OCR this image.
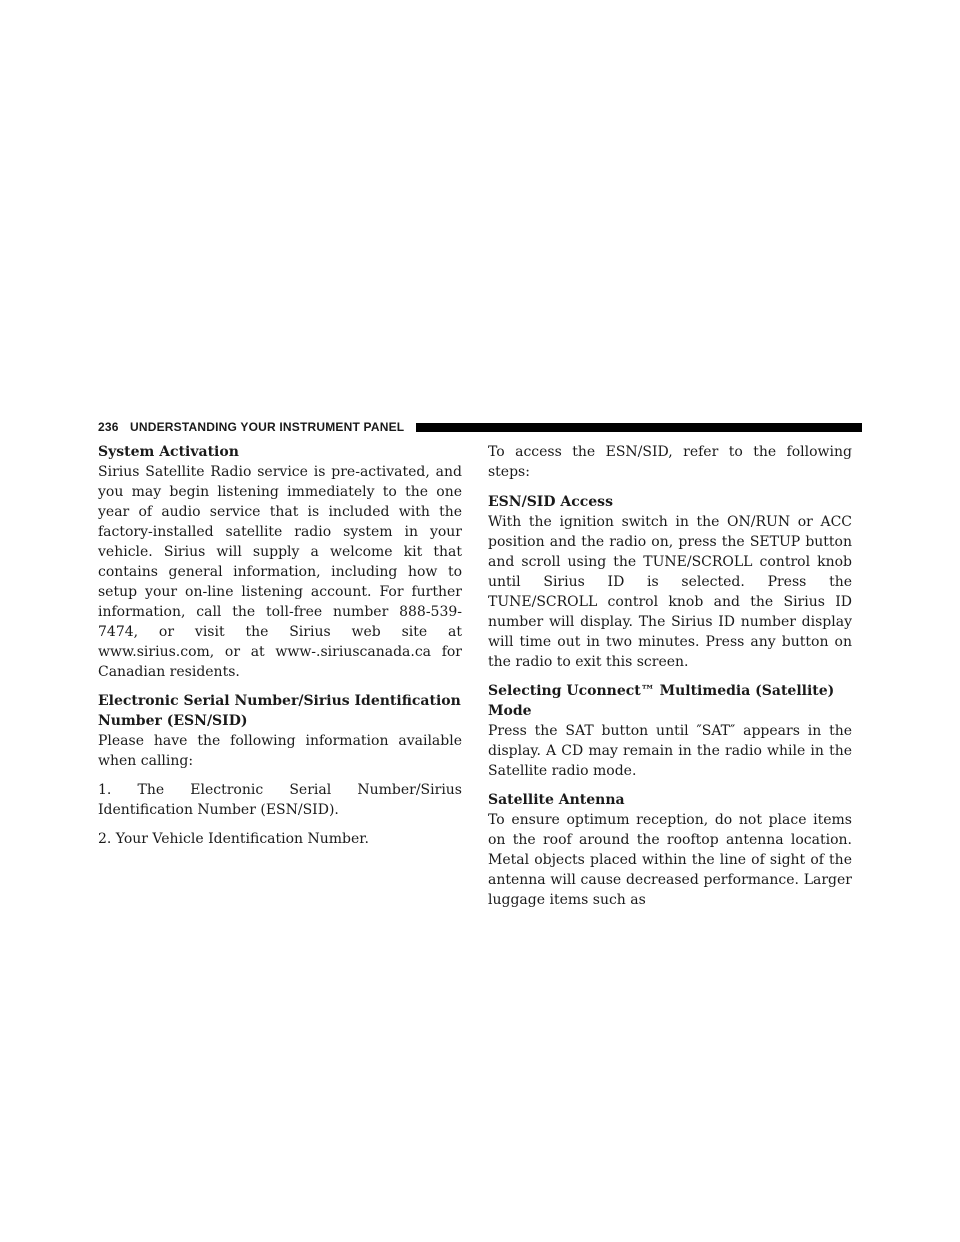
236 UNDERSTANDING YOUR INSTRUMENT PANEL
System Activation

Sirius Satellite Radio service is pre-activated, and you may begin listening immediately to the one year of audio service that is included with the factory-installed satellite radio system in your vehicle. Sirius will supply a welcome kit that contains general information, including how to setup your on-line listening account. For further information, call the toll-free number 888-539-7474, or visit the Sirius web site at www.sirius.com, or at www-.siriuscanada.ca for Canadian residents.

Electronic Serial Number/Sirius Identification
Number (ESN/SID)

Please have the following information available when calling:

1. The Electronic Serial Number/Sirius Identification Number (ESN/SID).

2. Your Vehicle Identification Number.

To access the ESN/SID, refer to the following steps:

ESN/SID Access

With the ignition switch in the ON/RUN or ACC position and the radio on, press the SETUP button and scroll using the TUNE/SCROLL control knob until Sirius ID is selected. Press the TUNE/SCROLL control knob and the Sirius ID number will display. The Sirius ID number display will time out in two minutes. Press any button on the radio to exit this screen.

Selecting Uconnect™ Multimedia (Satellite) Mode

Press the SAT button until ″SAT″ appears in the display. A CD may remain in the radio while in the Satellite radio mode.

Satellite Antenna

To ensure optimum reception, do not place items on the roof around the rooftop antenna location. Metal objects placed within the line of sight of the antenna will cause decreased performance. Larger luggage items such as
